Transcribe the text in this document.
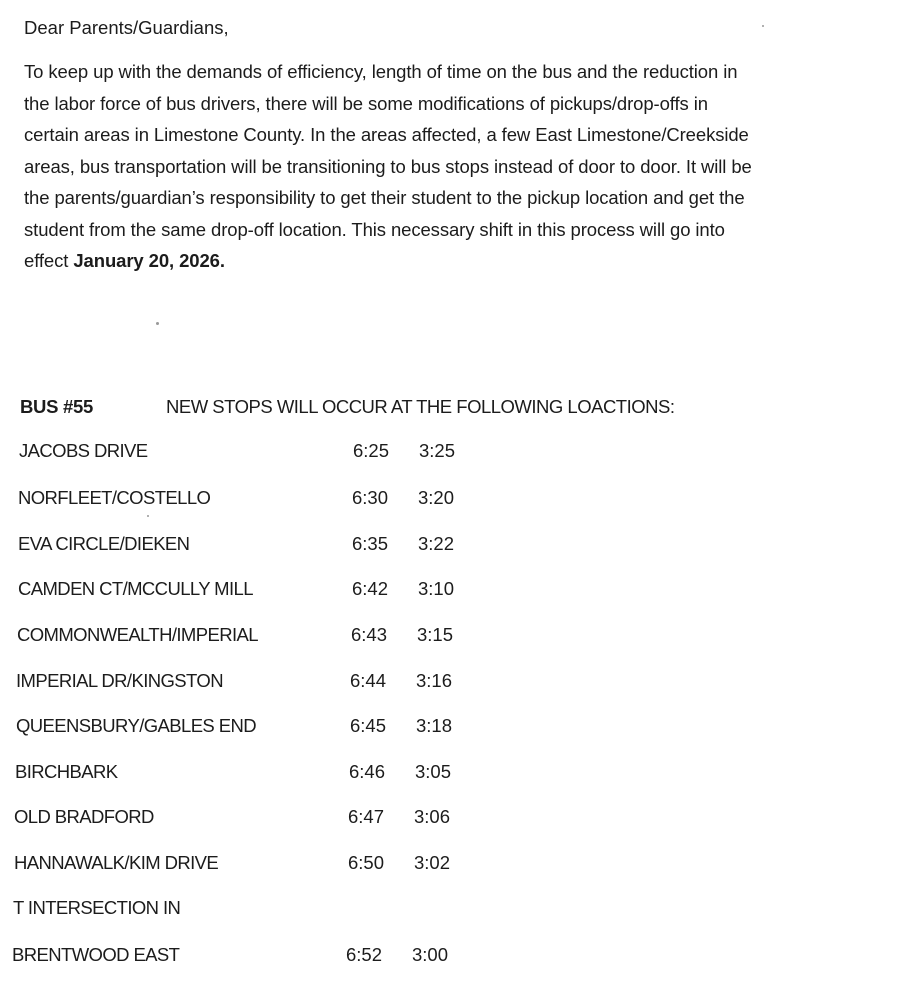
Dear Parents/Guardians,

To keep up with the demands of efficiency, length of time on the bus and the reduction in
the labor force of bus drivers, there will be some modifications of pickups/drop-offs in
certain areas in Limestone County. In the areas affected, a few East Limestone/Creekside
areas, bus transportation will be transitioning to bus stops instead of door to door. It will be
the parents/guardian’s responsibility to get their student to the pickup location and get the
student from the same drop-off location. This necessary shift in this process will go into
effect January 20, 2026.

BUS #55	NEW STOPS WILL OCCUR AT THE FOLLOWING LOACTIONS:
JACOBS DRIVE	6:25 3:25
NORFLEET/COSTELLO	6:30 3:20
EVA CIRCLE/DIEKEN	6:35 3:22
CAMDEN CT/MCCULLY MILL	6:42 3:10
COMMONWEALTH/IMPERIAL	6:43 3:15
IMPERIAL DR/KINGSTON	6:44 3:16
QUEENSBURY/GABLES END	6:45 3:18
BIRCHBARK	6:46 3:05
OLD BRADFORD	6:47 3:06
HANNAWALK/KIM DRIVE	6:50 3:02
T INTERSECTION IN
BRENTWOOD EAST	6:52 3:00
